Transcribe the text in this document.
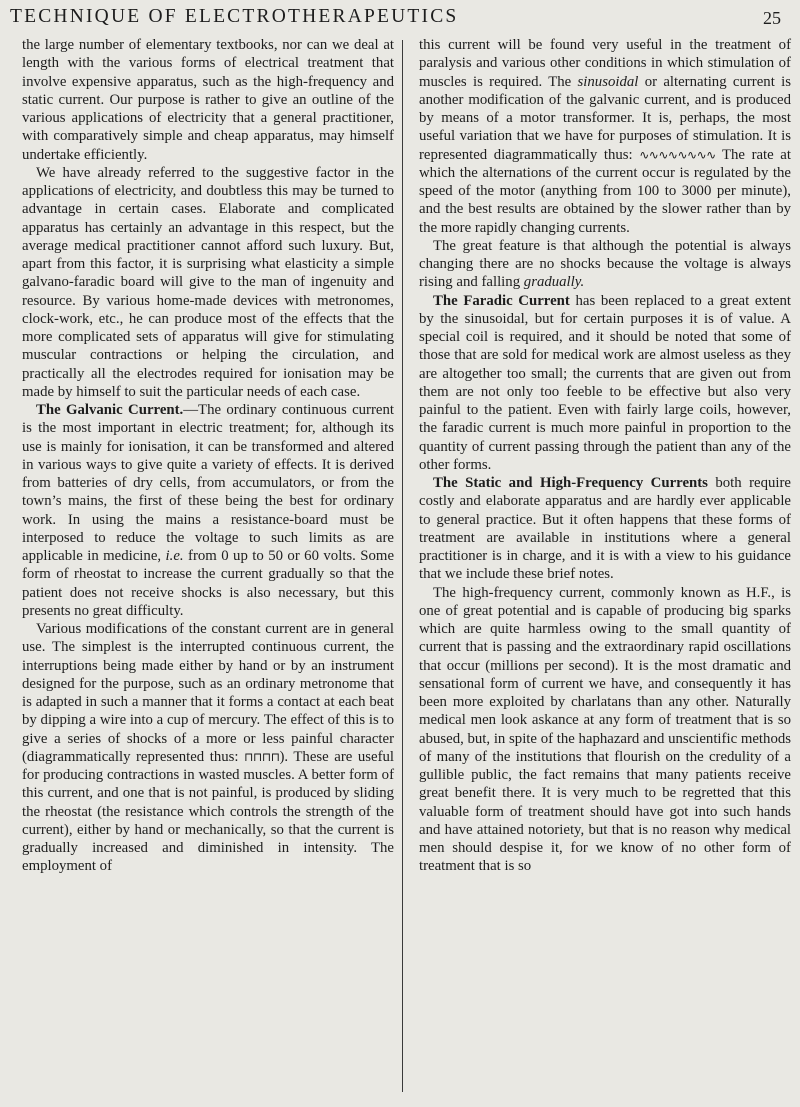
TECHNIQUE OF ELECTROTHERAPEUTICS	25

the large number of elementary textbooks, nor can we deal at length with the various forms of electrical treatment that involve expensive apparatus, such as the high-frequency and static current. Our purpose is rather to give an outline of the various applications of electricity that a general practitioner, with comparatively simple and cheap apparatus, may himself undertake efficiently.

We have already referred to the suggestive factor in the applications of electricity, and doubtless this may be turned to advantage in certain cases. Elaborate and complicated apparatus has certainly an advantage in this respect, but the average medical practitioner cannot afford such luxury. But, apart from this factor, it is surprising what elasticity a simple galvano-faradic board will give to the man of ingenuity and resource. By various home-made devices with metronomes, clock-work, etc., he can produce most of the effects that the more complicated sets of apparatus will give for stimulating muscular contractions or helping the circulation, and practically all the electrodes required for ionisation may be made by himself to suit the particular needs of each case.

The Galvanic Current.—The ordinary continuous current is the most important in electric treatment; for, although its use is mainly for ionisation, it can be transformed and altered in various ways to give quite a variety of effects. It is derived from batteries of dry cells, from accumulators, or from the town’s mains, the first of these being the best for ordinary work. In using the mains a resistance-board must be interposed to reduce the voltage to such limits as are applicable in medicine, i.e. from 0 up to 50 or 60 volts. Some form of rheostat to increase the current gradually so that the patient does not receive shocks is also necessary, but this presents no great difficulty.

Various modifications of the constant current are in general use. The simplest is the interrupted continuous current, the interruptions being made either by hand or by an instrument designed for the purpose, such as an ordinary metronome that is adapted in such a manner that it forms a contact at each beat by dipping a wire into a cup of mercury. The effect of this is to give a series of shocks of a more or less painful character (diagrammatically represented thus: ⊓⊓⊓⊓). These are useful for producing contractions in wasted muscles. A better form of this current, and one that is not painful, is produced by sliding the rheostat (the resistance which controls the strength of the current), either by hand or mechanically, so that the current is gradually increased and diminished in intensity. The employment of

this current will be found very useful in the treatment of paralysis and various other conditions in which stimulation of muscles is required. The sinusoidal or alternating current is another modification of the galvanic current, and is produced by means of a motor transformer. It is, perhaps, the most useful variation that we have for purposes of stimulation. It is represented diagrammatically thus: ∿∿∿∿∿∿∿∿ The rate at which the alternations of the current occur is regulated by the speed of the motor (anything from 100 to 3000 per minute), and the best results are obtained by the slower rather than by the more rapidly changing currents.

The great feature is that although the potential is always changing there are no shocks because the voltage is always rising and falling gradually.

The Faradic Current has been replaced to a great extent by the sinusoidal, but for certain purposes it is of value. A special coil is required, and it should be noted that some of those that are sold for medical work are almost useless as they are altogether too small; the currents that are given out from them are not only too feeble to be effective but also very painful to the patient. Even with fairly large coils, however, the faradic current is much more painful in proportion to the quantity of current passing through the patient than any of the other forms.

The Static and High-Frequency Currents both require costly and elaborate apparatus and are hardly ever applicable to general practice. But it often happens that these forms of treatment are available in institutions where a general practitioner is in charge, and it is with a view to his guidance that we include these brief notes.

The high-frequency current, commonly known as H.F., is one of great potential and is capable of producing big sparks which are quite harmless owing to the small quantity of current that is passing and the extraordinary rapid oscillations that occur (millions per second). It is the most dramatic and sensational form of current we have, and consequently it has been more exploited by charlatans than any other. Naturally medical men look askance at any form of treatment that is so abused, but, in spite of the haphazard and unscientific methods of many of the institutions that flourish on the credulity of a gullible public, the fact remains that many patients receive great benefit there. It is very much to be regretted that this valuable form of treatment should have got into such hands and have attained notoriety, but that is no reason why medical men should despise it, for we know of no other form of treatment that is so
